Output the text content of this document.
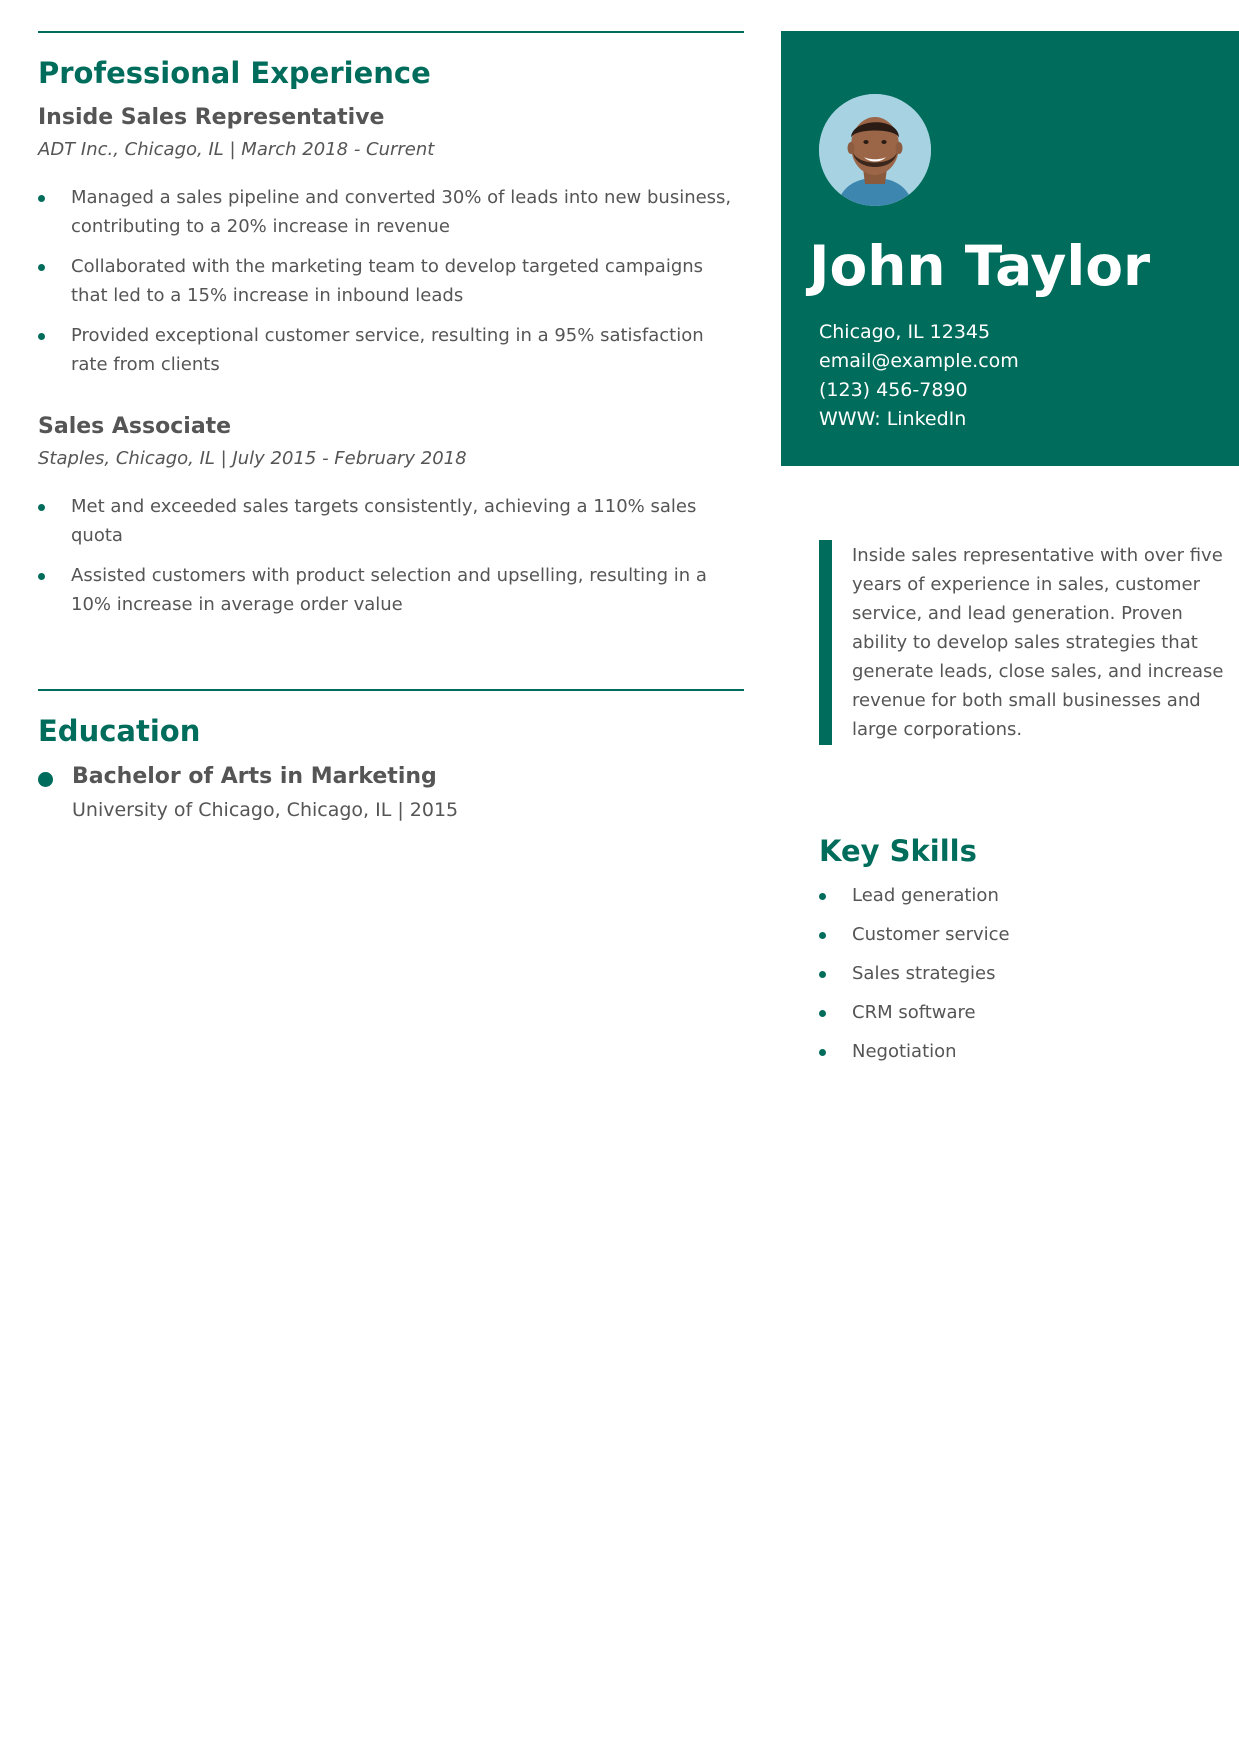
Professional Experience
Inside Sales Representative

ADT Inc., Chicago, IL | March 2018 - Current

Managed a sales pipeline and converted 30% of leads into new business, contributing to a 20% increase in revenue
Collaborated with the marketing team to develop targeted campaigns that led to a 15% increase in inbound leads
Provided exceptional customer service, resulting in a 95% satisfaction rate from clients
Sales Associate

Staples, Chicago, IL | July 2015 - February 2018

Met and exceeded sales targets consistently, achieving a 110% sales quota
Assisted customers with product selection and upselling, resulting in a 10% increase in average order value
Education
Bachelor of Arts in Marketing
University of Chicago, Chicago, IL | 2015
John Taylor
Chicago, IL 12345
email@example.com
(123) 456-7890
WWW: LinkedIn
Inside sales representative with over five years of experience in sales, customer service, and lead generation. Proven ability to develop sales strategies that generate leads, close sales, and increase revenue for both small businesses and large corporations.
Key Skills
Lead generation
Customer service
Sales strategies
CRM software
Negotiation
